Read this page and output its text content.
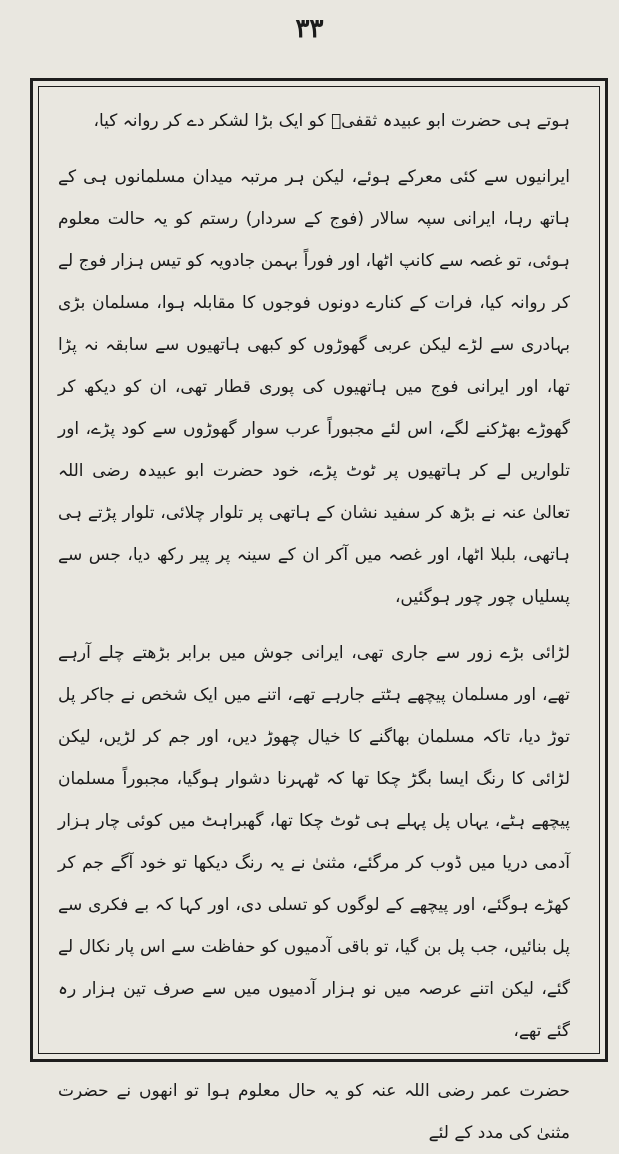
۳۳

ہوتے ہی حضرت ابو عبیدہ ثقفیؓ کو ایک بڑا لشکر دے کر روانہ کیا،

ایرانیوں سے کئی معرکے ہوئے، لیکن ہر مرتبہ میدان مسلمانوں ہی کے ہاتھ رہا، ایرانی سپہ سالار (فوج کے سردار) رستم کو یہ حالت معلوم ہوئی، تو غصہ سے کانپ اٹھا، اور فوراً بہمن جادویہ کو تیس ہزار فوج لے کر روانہ کیا، فرات کے کنارے دونوں فوجوں کا مقابلہ ہوا، مسلمان بڑی بہادری سے لڑے لیکن عربی گھوڑوں کو کبھی ہاتھیوں سے سابقہ نہ پڑا تھا، اور ایرانی فوج میں ہاتھیوں کی پوری قطار تھی، ان کو دیکھ کر گھوڑے بھڑکنے لگے، اس لئے مجبوراً عرب سوار گھوڑوں سے کود پڑے، اور تلواریں لے کر ہاتھیوں پر ٹوٹ پڑے، خود حضرت ابو عبیدہ رضی اللہ تعالیٰ عنہ نے بڑھ کر سفید نشان کے ہاتھی پر تلوار چلائی، تلوار پڑتے ہی ہاتھی، بلبلا اٹھا، اور غصہ میں آکر ان کے سینہ پر پیر رکھ دیا، جس سے پسلیاں چور چور ہوگئیں،

لڑائی بڑے زور سے جاری تھی، ایرانی جوش میں برابر بڑھتے چلے آرہے تھے، اور مسلمان پیچھے ہٹتے جارہے تھے، اتنے میں ایک شخص نے جاکر پل توڑ دیا، تاکہ مسلمان بھاگنے کا خیال چھوڑ دیں، اور جم کر لڑیں، لیکن لڑائی کا رنگ ایسا بگڑ چکا تھا کہ ٹھہرنا دشوار ہوگیا، مجبوراً مسلمان پیچھے ہٹے، یہاں پل پہلے ہی ٹوٹ چکا تھا، گھبراہٹ میں کوئی چار ہزار آدمی دریا میں ڈوب کر مرگئے، مثنیٰ نے یہ رنگ دیکھا تو خود آگے جم کر کھڑے ہوگئے، اور پیچھے کے لوگوں کو تسلی دی، اور کہا کہ بے فکری سے پل بنائیں، جب پل بن گیا، تو باقی آدمیوں کو حفاظت سے اس پار نکال لے گئے، لیکن اتنے عرصہ میں نو ہزار آدمیوں میں سے صرف تین ہزار رہ گئے تھے،

حضرت عمر رضی اللہ عنہ کو یہ حال معلوم ہوا تو انھوں نے حضرت مثنیٰ کی مدد کے لئے
